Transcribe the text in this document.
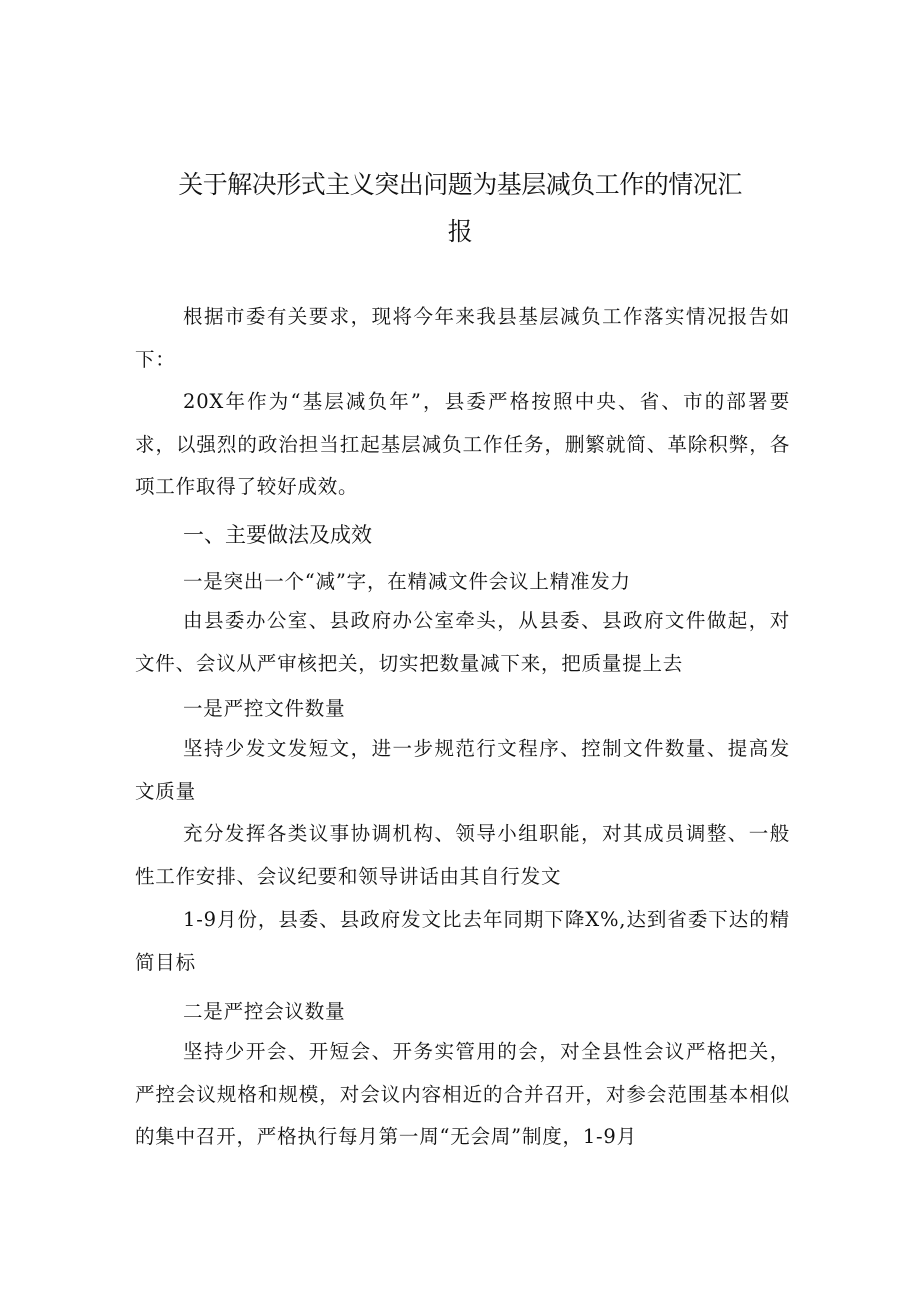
关于解决形式主义突出问题为基层减负工作的情况汇
报

根据市委有关要求，现将今年来我县基层减负工作落实情况报告如下：

20X年作为“基层减负年”，县委严格按照中央、省、市的部署要求，以强烈的政治担当扛起基层减负工作任务，删繁就简、革除积弊，各项工作取得了较好成效。

一、主要做法及成效

一是突出一个“减”字，在精减文件会议上精准发力

由县委办公室、县政府办公室牵头，从县委、县政府文件做起，对文件、会议从严审核把关，切实把数量减下来，把质量提上去

一是严控文件数量

坚持少发文发短文，进一步规范行文程序、控制文件数量、提高发文质量

充分发挥各类议事协调机构、领导小组职能，对其成员调整、一般性工作安排、会议纪要和领导讲话由其自行发文

1-9月份，县委、县政府发文比去年同期下降X%,达到省委下达的精简目标

二是严控会议数量

坚持少开会、开短会、开务实管用的会，对全县性会议严格把关，严控会议规格和规模，对会议内容相近的合并召开，对参会范围基本相似的集中召开，严格执行每月第一周“无会周”制度，1-9月
